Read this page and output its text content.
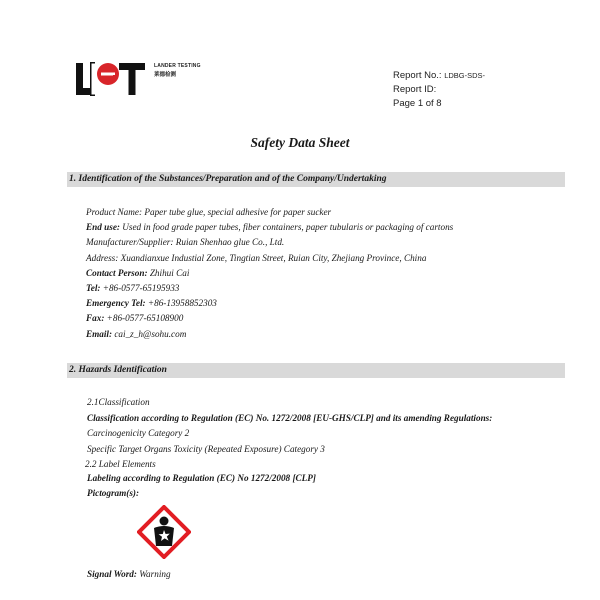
LANDER TESTING
莱德检测	Report No.: LDBG-SDS-
Report ID:
Page 1 of 8
Safety Data Sheet
1. Identification of the Substances/Preparation and of the Company/Undertaking
Product Name: Paper tube glue, special adhesive for paper sucker
End use: Used in food grade paper tubes, fiber containers, paper tubularis or packaging of cartons
Manufacturer/Supplier: Ruian Shenhao glue Co., Ltd.
Address: Xuandianxue Industial Zone, Tingtian Street, Ruian City, Zhejiang Province, China
Contact Person: Zhihui Cai
Tel: +86-0577-65195933
Emergency Tel: +86-13958852303
Fax: +86-0577-65108900
Email: cai_z_h@sohu.com
2. Hazards Identification
2.1Classification
Classification according to Regulation (EC) No. 1272/2008 [EU-GHS/CLP] and its amending Regulations:
Carcinogenicity Category 2
Specific Target Organs Toxicity (Repeated Exposure) Category 3
2.2 Label Elements
Labeling according to Regulation (EC) No 1272/2008 [CLP]
Pictogram(s):
Signal Word: Warning
